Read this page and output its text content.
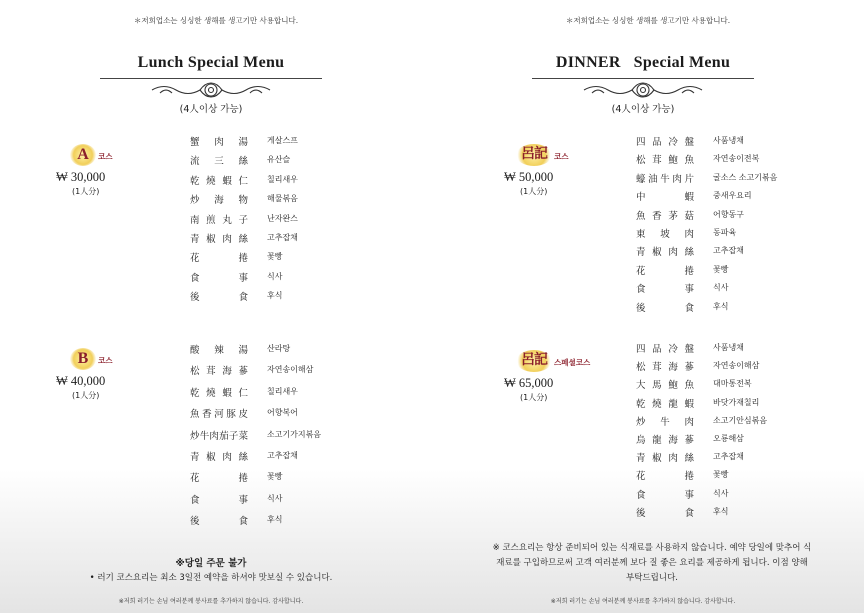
＊저희업소는 싱싱한 생해를 생고기만 사용합니다.
Lunch Special Menu
(4人이상 가능)
A	코스
₩ 30,000
(1人分)
蟹 肉 湯 게살스프
流 三 絲 유산슬
乾 燒 蝦 仁 칠리새우
炒 海 物 해물볶음
南 煎 丸 子 난자완스
青 椒 肉 絲 고추잡채
花	捲 꽃빵
食	事 식사
後	食 후식
B	코스
₩ 40,000
(1人分)
酸 辣 湯 산라탕
松 茸 海 蔘 자연송이해삼
乾 燒 蝦 仁 칠리새우
魚 香 河 豚 皮 어향복어
炒 牛 肉 茄 子 菜 소고기가지볶음
青 椒 肉 絲 고추잡채
花	捲 꽃빵
食	事 식사
後	食 후식
※당일 주문 불가
• 러기 코스요리는 최소 3일전 예약을 하셔야 맛보실 수 있습니다.
※저희 러기는 손님 여러분께 봉사료를 추가하지 않습니다. 감사합니다.
＊저희업소는 싱싱한 생해를 생고기만 사용합니다.
DINNER   Special Menu
(4人이상 가능)
呂記 코스
₩ 50,000
(1人分)
四 品 冷 盤 사품냉채
松 茸 鮑 魚 자연송이전복
蠔 油 牛 肉 片 굴소스 소고기볶음
中	蝦 중새우요리
魚 香 茅 菇 어향동구
東 坡 肉 동파육
青 椒 肉 絲 고추잡채
花	捲 꽃빵
食	事 식사
後	食 후식
呂記 스페셜코스
₩ 65,000
(1人分)
四 品 冷 盤 사품냉채
松 茸 海 蔘 자연송이해삼
大 馬 鮑 魚 대마통전복
乾 燒 龍 蝦 바닷가재칠리
炒 牛 肉 소고기안심볶음
烏 龍 海 蔘 오룡해삼
青 椒 肉 絲 고추잡채
花	捲 꽃빵
食	事 식사
後	食 후식
※ 코스요리는 항상 준비되어 있는 식재료를 사용하지 않습니다. 예약 당일에 맞추어 식재료를 구입하므로써 고객 여러분께 보다 질 좋은 요리를 제공하게 됩니다. 이점 양해 부탁드립니다.
※저희 러기는 손님 여러분께 봉사료를 추가하지 않습니다. 감사합니다.
